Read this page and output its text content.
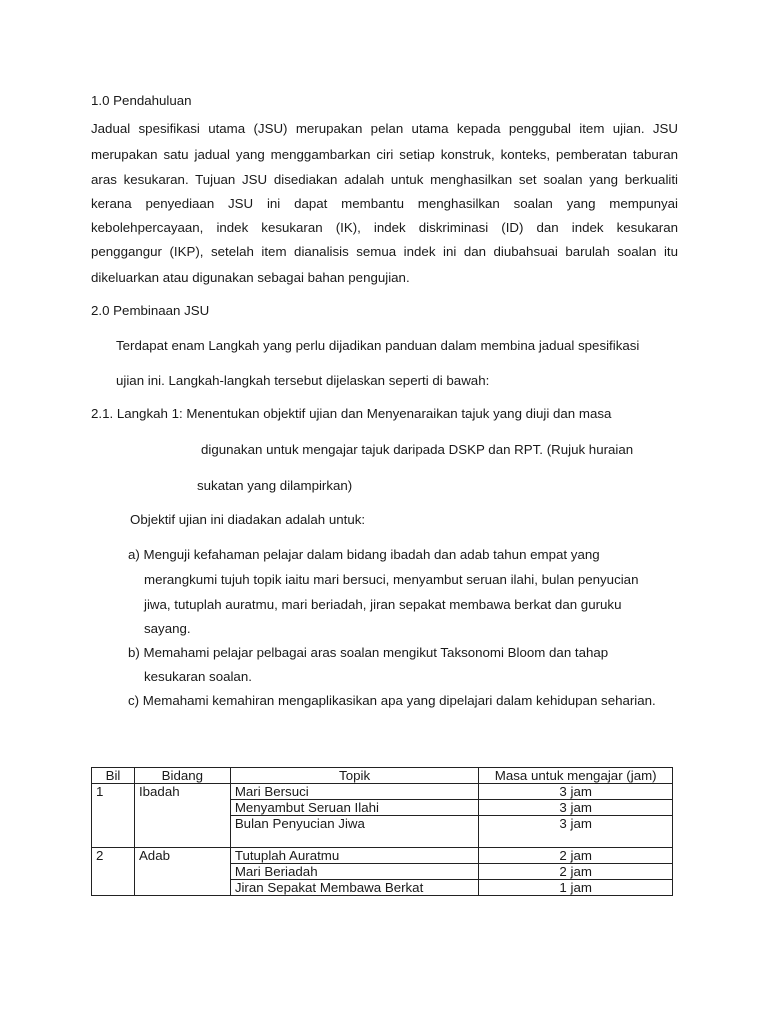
1.0 Pendahuluan
Jadual spesifikasi utama (JSU) merupakan pelan utama kepada penggubal item ujian. JSU
merupakan satu jadual yang menggambarkan ciri setiap konstruk, konteks, pemberatan taburan
aras kesukaran. Tujuan JSU disediakan adalah untuk menghasilkan set soalan yang berkualiti
kerana penyediaan JSU ini dapat membantu menghasilkan soalan yang mempunyai
kebolehpercayaan, indek kesukaran (IK), indek diskriminasi (ID) dan indek kesukaran
penggangur (IKP), setelah item dianalisis semua indek ini dan diubahsuai barulah soalan itu
dikeluarkan atau digunakan sebagai bahan pengujian.
2.0 Pembinaan JSU
Terdapat enam Langkah yang perlu dijadikan panduan dalam membina jadual spesifikasi
ujian ini. Langkah-langkah tersebut dijelaskan seperti di bawah:
2.1. Langkah 1: Menentukan objektif ujian dan Menyenaraikan tajuk yang diuji dan masa
digunakan untuk mengajar tajuk daripada DSKP dan RPT. (Rujuk huraian
sukatan yang dilampirkan)
Objektif ujian ini diadakan adalah untuk:
a) Menguji kefahaman pelajar dalam bidang ibadah dan adab tahun empat yang
merangkumi tujuh topik iaitu mari bersuci, menyambut seruan ilahi, bulan penyucian
jiwa, tutuplah auratmu, mari beriadah, jiran sepakat membawa berkat dan guruku
sayang.
b) Memahami pelajar pelbagai aras soalan mengikut Taksonomi Bloom dan tahap
kesukaran soalan.
c) Memahami kemahiran mengaplikasikan apa yang dipelajari dalam kehidupan seharian.
Bil	Bidang	Topik	Masa untuk mengajar (jam)
1	Ibadah	Mari Bersuci	3 jam
		Menyambut Seruan Ilahi	3 jam
		Bulan Penyucian Jiwa	3 jam

2	Adab	Tutuplah Auratmu	2 jam
		Mari Beriadah	2 jam
		Jiran Sepakat Membawa Berkat	1 jam
